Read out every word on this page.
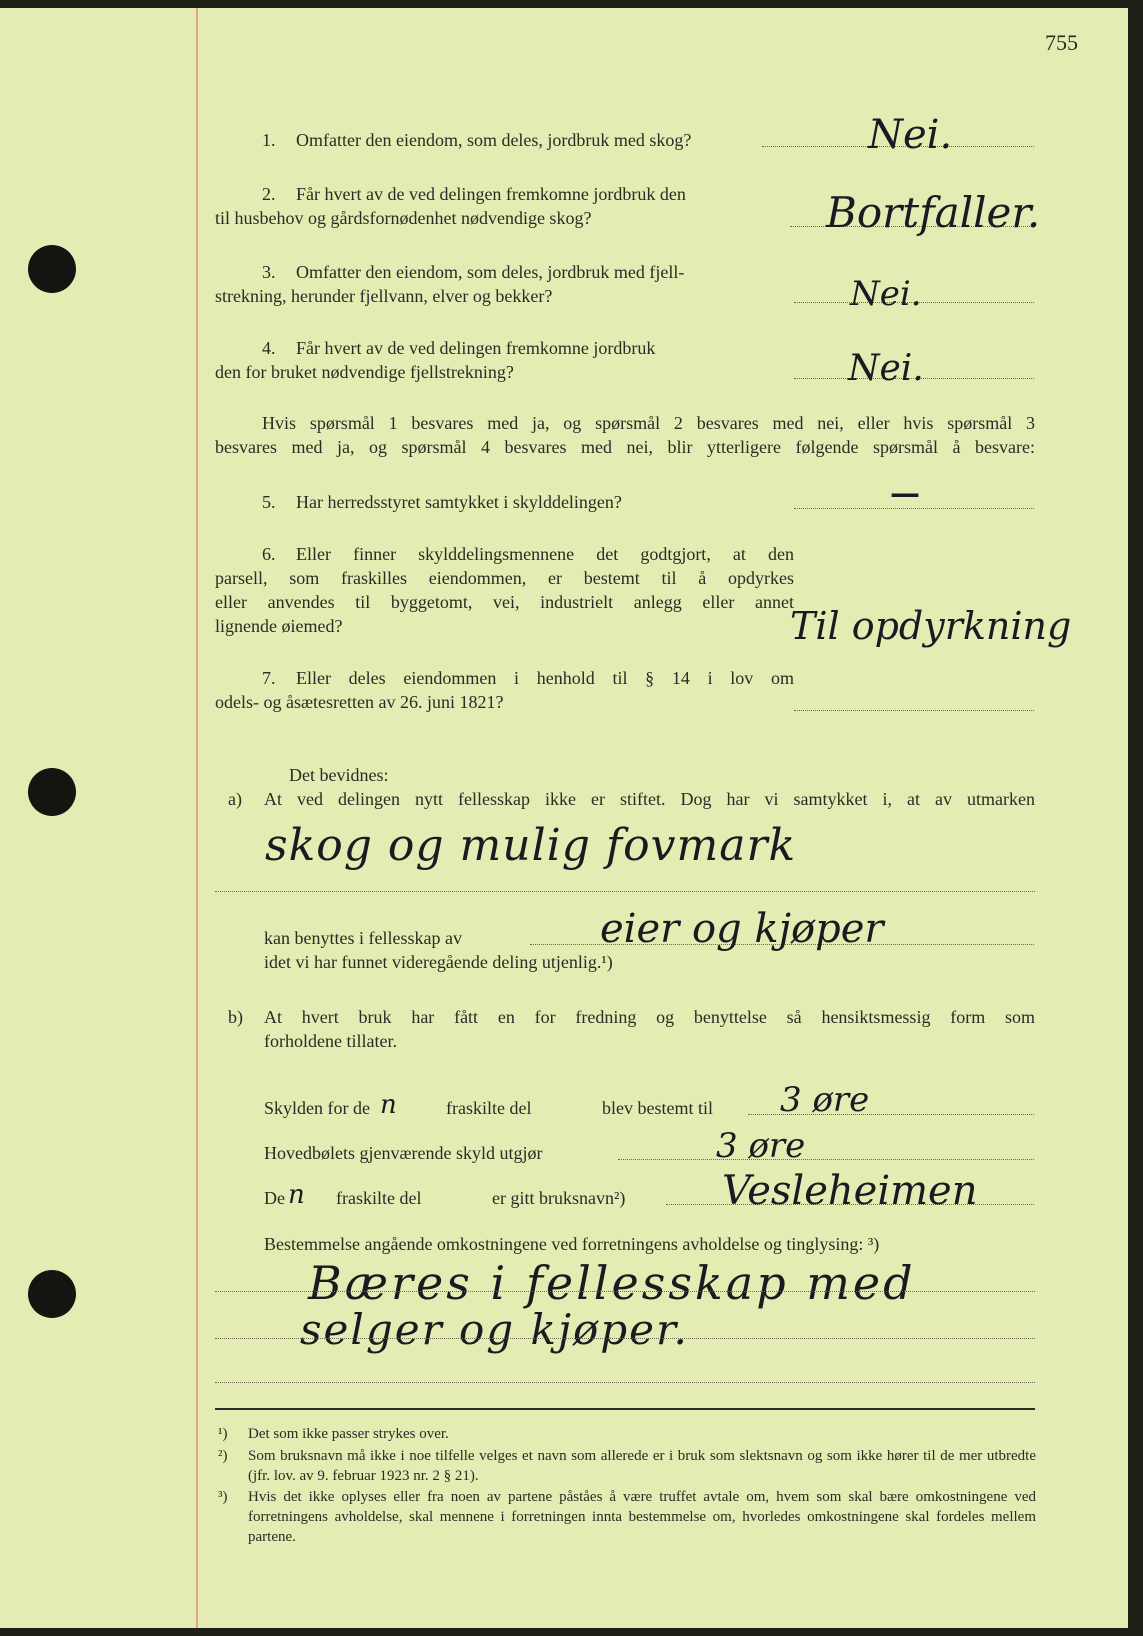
755
1. Omfatter den eiendom, som deles, jordbruk med skog?	Nei.
2. Får hvert av de ved delingen fremkomne jordbruk den
til husbehov og gårdsfornødenhet nødvendige skog?	Bortfaller.
3. Omfatter den eiendom, som deles, jordbruk med fjell-
strekning, herunder fjellvann, elver og bekker?	Nei.
4. Får hvert av de ved delingen fremkomne jordbruk
den for bruket nødvendige fjellstrekning?	Nei.
Hvis spørsmål 1 besvares med ja, og spørsmål 2 besvares med nei, eller hvis spørsmål 3
besvares med ja, og spørsmål 4 besvares med nei, blir ytterligere følgende spørsmål å besvare:
5. Har herredsstyret samtykket i skylddelingen?	—
6. Eller finner skylddelingsmennene det godtgjort, at den
parsell, som fraskilles eiendommen, er bestemt til å opdyrkes
eller anvendes til byggetomt, vei, industrielt anlegg eller annet
lignende øiemed?	Til opdyrkning
7. Eller deles eiendommen i henhold til § 14 i lov om
odels- og åsætesretten av 26. juni 1821?
Det bevidnes:
a) At ved delingen nytt fellesskap ikke er stiftet. Dog har vi samtykket i, at av utmarken
skog og mulig fovmark
kan benyttes i fellesskap av	eier og kjøper
idet vi har funnet videregående deling utjenlig.¹)
b) At hvert bruk har fått en for fredning og benyttelse så hensiktsmessig form som
forholdene tillater.
Skylden for de n	fraskilte del	blev bestemt til 3 øre
Hovedbølets gjenværende skyld utgjør	3 øre
De n fraskilte del	er gitt bruksnavn²) Vesleheimen
Bestemmelse angående omkostningene ved forretningens avholdelse og tinglysing: ³)
Bæres i fellesskap med
selger og kjøper.
¹) Det som ikke passer strykes over.
²) Som bruksnavn må ikke i noe tilfelle velges et navn som allerede er i bruk som slektsnavn og som ikke hører til de mer utbredte (jfr. lov. av 9. februar 1923 nr. 2 § 21).
³) Hvis det ikke oplyses eller fra noen av partene påståes å være truffet avtale om, hvem som skal bære omkostningene ved forretningens avholdelse, skal mennene i forretningen innta bestemmelse om, hvorledes omkostningene skal fordeles mellem partene.
